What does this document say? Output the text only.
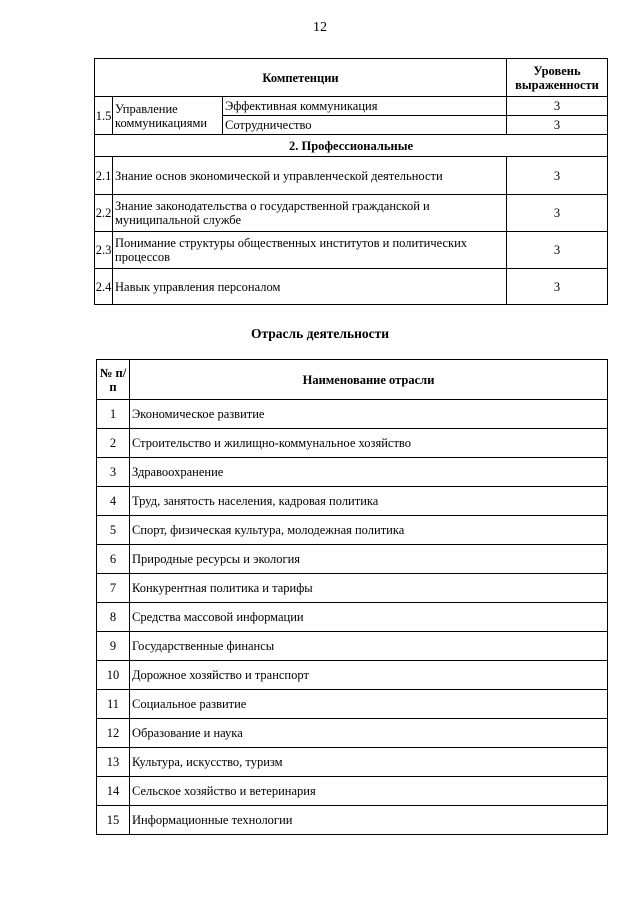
12
Компетенции			Уровень выраженности
1.5	Управление коммуникациями	Эффективная коммуникация	3
		Сотрудничество	3
2. Профессиональные			
2.1	Знание основ экономической и управленческой деятельности		3
2.2	Знание законодательства о государственной гражданской и муниципальной службе		3
2.3	Понимание структуры общественных институтов и политических процессов		3
2.4	Навык управления персоналом		3
Отрасль деятельности
№ п/п	Наименование отрасли
1	Экономическое развитие
2	Строительство и жилищно-коммунальное хозяйство
3	Здравоохранение
4	Труд, занятость населения, кадровая политика
5	Спорт, физическая культура, молодежная политика
6	Природные ресурсы и экология
7	Конкурентная политика и тарифы
8	Средства массовой информации
9	Государственные финансы
10	Дорожное хозяйство и транспорт
11	Социальное развитие
12	Образование и наука
13	Культура, искусство, туризм
14	Сельское хозяйство и ветеринария
15	Информационные технологии
